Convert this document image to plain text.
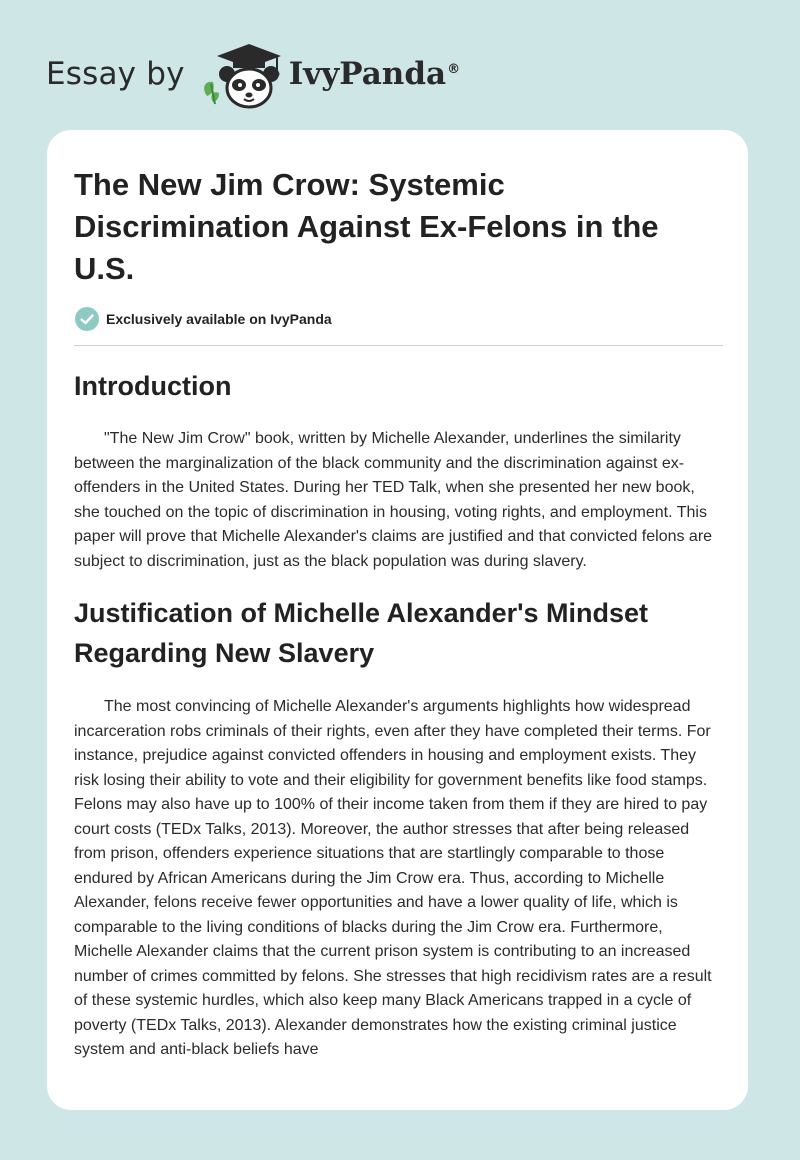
Essay by	IvyPanda®
The New Jim Crow: Systemic Discrimination Against Ex-Felons in the U.S.
Exclusively available on IvyPanda
Introduction

"The New Jim Crow" book, written by Michelle Alexander, underlines the similarity between the marginalization of the black community and the discrimination against ex-offenders in the United States. During her TED Talk, when she presented her new book, she touched on the topic of discrimination in housing, voting rights, and employment. This paper will prove that Michelle Alexander's claims are justified and that convicted felons are subject to discrimination, just as the black population was during slavery.

Justification of Michelle Alexander's Mindset Regarding New Slavery

The most convincing of Michelle Alexander's arguments highlights how widespread incarceration robs criminals of their rights, even after they have completed their terms. For instance, prejudice against convicted offenders in housing and employment exists. They risk losing their ability to vote and their eligibility for government benefits like food stamps. Felons may also have up to 100% of their income taken from them if they are hired to pay court costs (TEDx Talks, 2013). Moreover, the author stresses that after being released from prison, offenders experience situations that are startlingly comparable to those endured by African Americans during the Jim Crow era. Thus, according to Michelle Alexander, felons receive fewer opportunities and have a lower quality of life, which is comparable to the living conditions of blacks during the Jim Crow era. Furthermore, Michelle Alexander claims that the current prison system is contributing to an increased number of crimes committed by felons. She stresses that high recidivism rates are a result of these systemic hurdles, which also keep many Black Americans trapped in a cycle of poverty (TEDx Talks, 2013). Alexander demonstrates how the existing criminal justice system and anti-black beliefs have
